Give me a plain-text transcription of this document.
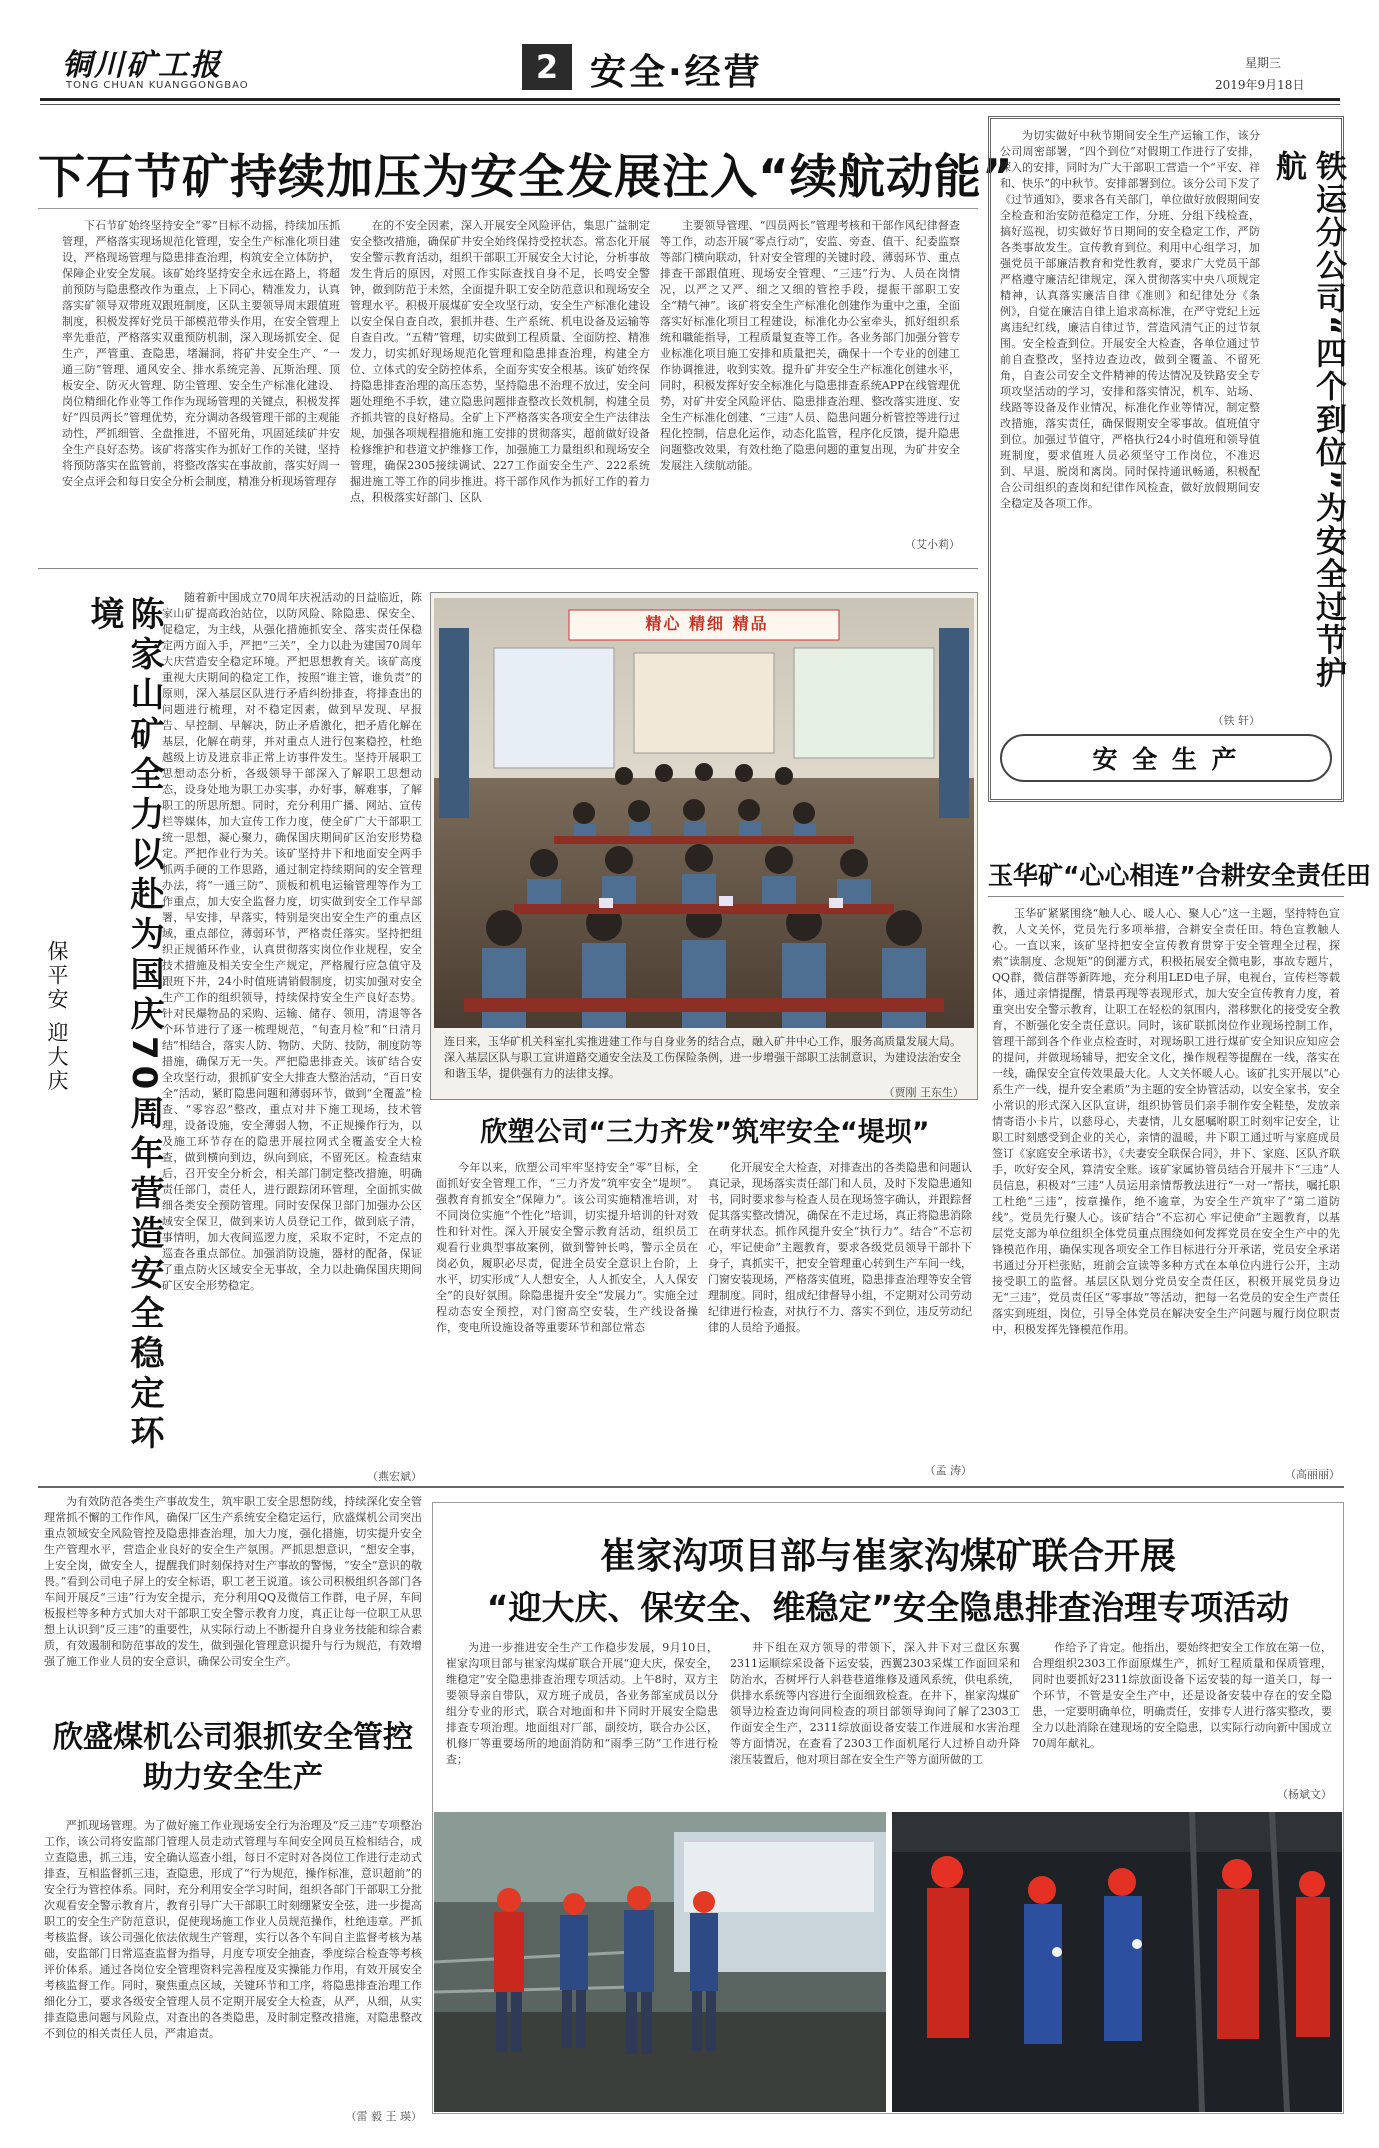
铜川矿工报
TONG CHUAN KUANGGONGBAO	2 安全·经营	星期三
2019年9月18日
下石节矿持续加压为安全发展注入“续航动能”
下石节矿始终坚持安全“零”目标不动摇，持续加压抓管理，严格落实现场规范化管理，安全生产标准化项目建设，严格现场管理与隐患排查治理，构筑安全立体防护，保障企业安全发展。该矿始终坚持安全永远在路上，将超前预防与隐患整改作为重点，上下同心，精准发力，认真落实矿领导双带班双跟班制度，区队主要领导周末跟值班制度，积极发挥好党员干部模范带头作用，在安全管理上率先垂范，严格落实双重预防机制，深入现场抓安全、促生产，严管重、查隐患，堵漏洞，将矿井安全生产、“一通三防”管理、通风安全、排水系统完善、瓦斯治理、顶板安全、防灭火管理、防尘管理、安全生产标准化建设、岗位精细化作业等工作作为现场管理的关键点，积极发挥好“四员两长”管理优势，充分调动各级管理干部的主观能动性，严抓细管、全盘推进，不留死角，巩固延续矿井安全生产良好态势。该矿将落实作为抓好工作的关键，坚持将预防落实在监管前，将整改落实在事故前，落实好周一安全点评会和每日安全分析会制度，精准分析现场管理存
在的不安全因素，深入开展安全风险评估，集思广益制定安全整改措施，确保矿井安全始终保持受控状态。常态化开展安全警示教育活动，组织干部职工开展安全大讨论，分析事故发生背后的原因，对照工作实际查找自身不足，长鸣安全警钟，做到防范于未然，全面提升职工安全防范意识和现场安全管理水平。积极开展煤矿安全攻坚行动，安全生产标准化建设以安全保自查自改，狠抓井巷、生产系统、机电设备及运输等自查自改。“五精”管理，切实做到工程质量、全面防控、精准发力，切实抓好现场规范化管理和隐患排查治理，构建全方位、立体式的安全防控体系，全面夯实安全根基。该矿始终保持隐患排查治理的高压态势，坚持隐患不治理不放过，安全问题处理绝不手软，建立隐患问题排查整改长效机制，构建全员齐抓共管的良好格局。全矿上下严格落实各项安全生产法律法规，加强各项规程措施和施工安排的贯彻落实，超前做好设备检修维护和巷道文护维修工作，加强施工力量组织和现场安全管理，确保2305接续调试、227工作面安全生产、222系统掘进施工等工作的同步推进。将干部作风作为抓好工作的着力点，积极落实好部门、区队
主要领导管理、“四员两长”管理考核和干部作风纪律督查等工作，动态开展“零点行动”，安监、旁查、值干、纪委监察等部门横向联动，针对安全管理的关键时段、薄弱环节、重点排查干部跟值班、现场安全管理、“三违”行为、人员在岗情况，以严之又严、细之又细的管控手段，提振干部职工安全“精气神”。该矿将安全生产标准化创建作为重中之重，全面落实好标准化项目工程建设，标准化办公室牵头，抓好组织系统和職能指导，工程质量复查等工作。各业务部门加强分管专业标准化项目施工安排和质量把关，确保十一个专业的创建工作协调推进，收到实效。提升矿井安全生产标准化创建水平，同时，积极发挥好安全标准化与隐患排查系统APP在线管理优势，对矿井安全风险评估、隐患排查治理、整改落实进度、安全生产标准化创建、“三违”人员、隐患问题分析管控等进行过程化控制，信息化运作，动态化监管，程序化反馈，提升隐患问题整改效果，有效杜绝了隐患问题的重复出现，为矿井安全发展注入续航动能。
（艾小莉）
为切实做好中秋节期间安全生产运输工作，该分公司周密部署，“四个到位”对假期工作进行了安排，深入的安排，同时为广大干部职工营造一个“平安、祥和、快乐”的中秋节。安排部署到位。该分公司下发了《过节通知》，要求各有关部门，单位做好放假期间安全检查和治安防范稳定工作，分班、分组下线检查，搞好巡视，切实做好节日期间的安全稳定工作，严防各类事故发生。宣传教育到位。利用中心组学习，加强党员干部廉洁教育和党性教育，要求广大党员干部严格遵守廉洁纪律规定，深入贯彻落实中央八项规定精神，认真落实廉洁自律《准则》和纪律处分《条例》，自觉在廉洁自律上追求高标准，在严守党纪上远离违纪红线，廉洁自律过节，营造风清气正的过节氛围。安全检查到位。开展安全大检查，各单位通过节前自查整改，坚持边查边改，做到全覆盖、不留死角，自查公司安全文件精神的传达情况及铁路安全专项攻坚活动的学习，安排和落实情况，机车、站场、线路等设备及作业情况，标准化作业等情况，制定整改措施，落实责任，确保假期安全零事故。值班值守到位。加强过节值守，严格执行24小时值班和领导值班制度，要求值班人员必须坚守工作岗位，不准迟到、早退、脱岗和离岗。同时保持通讯畅通，积极配合公司组织的查岗和纪律作风检查，做好放假期间安全稳定及各项工作。	铁运分公司“四个到位”为安全过节护航
（铁 轩）
安 全 生 产
陈家山矿全力以赴为国庆70周年营造安全稳定环境
保平安 迎大庆
随着新中国成立70周年庆祝活动的日益临近，陈家山矿提高政治站位，以防风险、除隐患、保安全、促稳定，为主线，从强化措施抓安全、落实责任保稳定两方面入手，严把“三关”，全力以赴为建国70周年大庆营造安全稳定环境。严把思想教育关。该矿高度重视大庆期间的稳定工作，按照“谁主管，谁负责”的原则，深入基层区队进行矛盾纠纷排查，将排查出的问题进行梳理，对不稳定因素，做到早发现、早报告、早控制、早解决，防止矛盾激化，把矛盾化解在基层，化解在萌芽，并对重点人进行包案稳控，杜绝越级上访及进京非正常上访事件发生。坚持开展职工思想动态分析，各级领导干部深入了解职工思想动态，设身处地为职工办实事，办好事，解难事，了解职工的所思所想。同时，充分利用广播、网站、宣传栏等媒体，加大宣传工作力度，使全矿广大干部职工统一思想，凝心聚力，确保国庆期间矿区治安形势稳定。严把作业行为关。该矿坚持井下和地面安全两手抓两手硬的工作思路，通过制定持续期间的安全管理办法，将“一通三防”、顶板和机电运输管理等作为工作重点，加大安全监督力度，切实做到安全工作早部署，早安排，早落实，特别是突出安全生产的重点区域，重点部位，薄弱环节，严格责任落实。坚持把组织正规循环作业，认真贯彻落实岗位作业规程，安全技术措施及相关安全生产规定，严格履行应急值守及跟班下井，24小时值班请销假制度，切实加强对安全生产工作的组织领导，持续保持安全生产良好态势。针对民爆物品的采购、运输、储存、领用，清退等各个环节进行了逐一梳理规范，“旬查月检”和“日清月结”相结合，落实人防、物防、犬防、技防，制度防等措施，确保万无一失。严把隐患排查关。该矿结合安全攻坚行动，狠抓矿安全大排查大整治活动，“百日安全”活动，紧盯隐患问题和薄弱环节，做到“全覆盖”检查、“零容忍”整改，重点对井下施工现场，技术管理，设备设施，安全薄弱人物，不正规操作行为，以及施工环节存在的隐患开展拉网式全覆盖安全大检查，做到横向到边，纵向到底，不留死区。检查结束后，召开安全分析会，相关部门制定整改措施，明确责任部门，责任人，进行跟踪闭环管理，全面抓实做细各类安全预防管理。同时安保保卫部门加强办公区域安全保卫，做到来访人员登记工作，做到底子清，事情明，加大夜间巡逻力度，采取不定时，不定点的巡查各重点部位。加强消防设施，器材的配备，保证了重点防火区域安全无事故，全力以赴确保国庆期间矿区安全形势稳定。
（燕宏斌）
精心 精细 精品
连日来，玉华矿机关科室扎实推进建工作与自身业务的结合点，融入矿井中心工作，服务高质量发展大局。深入基层区队与职工宣讲道路交通安全法及工伤保险条例，进一步增强干部职工法制意识，为建设法治安全和谐玉华，提供强有力的法律支撑。
（贾刚 王东生）
欣塑公司“三力齐发”筑牢安全“堤坝”
今年以来，欣塑公司牢牢坚持安全“零”目标，全面抓好安全管理工作，“三力齐发”筑牢安全“堤坝”。强教育育抓安全“保障力”。该公司实施精准培训，对不同岗位实施“个性化”培训，切实提升培训的针对效性和针对性。深入开展安全警示教育活动，组织员工观看行业典型事故案例，做到警钟长鸣，警示全员在岗必负，履职必尽责，促进全员安全意识上台阶，上水平，切实形成“人人想安全，人人抓安全，人人保安全”的良好氛围。除隐患提升安全“发展力”。实施全过程动态安全预控，对门窗高空安装，生产线设备操作，变电所设施设备等重要环节和部位常态
化开展安全大检查，对排查出的各类隐患和问题认真记录，现场落实责任部门和人员，及时下发隐患通知书，同时要求参与检查人员在现场签字确认，并跟踪督促其落实整改情况，确保在不走过场，真正将隐患消除在萌芽状态。抓作风提升安全“执行力”。结合“不忘初心，牢记使命”主题教育，要求各级党员领导干部扑下身子，真抓实干，把安全管理重心转到生产车间一线，门窗安装现场，严格落实值班，隐患排查治理等安全管理制度。同时，组成纪律督导小组，不定期对公司劳动纪律进行检查，对执行不力、落实不到位，违反劳动纪律的人员给予通报。
（孟 涛）
玉华矿“心心相连”合耕安全责任田
玉华矿紧紧围绕“触人心、暖人心、聚人心”这一主题，坚持特色宣教，人文关怀，党员先行多项举措，合耕安全责任田。特色宣教触人心。一直以来，该矿坚持把安全宣传教育贯穿于安全管理全过程，探索“读制度、念规矩”的倒灌方式，积极拓展安全微电影，事故专题片，QQ群，微信群等新阵地，充分利用LED电子屏，电视台，宣传栏等载体，通过亲情提醒，情景再现等表现形式，加大安全宣传教育力度，着重突出安全警示教育，让职工在轻松的氛围内，潜移默化的接受安全教育，不断强化安全责任意识。同时，该矿联抓岗位作业现场控制工作，管理干部到各个作业点检查时，对现场职工进行煤矿安全知识应知应会的提问，并做现场辅导，把安全文化，操作规程等提醒在一线，落实在一线，确保安全宣传效果最大化。人文关怀暖人心。该矿扎实开展以“心系生产一线，提升安全素质”为主题的安全协管活动，以安全家书，安全小常识的形式深入区队宣讲，组织协管员们亲手制作安全鞋垫，发放亲情寄语小卡片，以慈母心，夫妻情，儿女愿嘱咐职工时刻牢记安全，让职工时刻感受到企业的关心，亲情的温暖，井下职工通过听与家庭成员签订《家庭安全承诺书》，《夫妻安全联保合同》，井下、家庭、区队齐联手，吹好安全风，算清安全账。该矿家属协管员结合开展井下“三违”人员信息，积极对“三违”人员运用亲情帮教法进行“一对一”帮扶，嘱托职工杜绝“三违”，按章操作，绝不逾章，为安全生产筑牢了“第二道防线”。党员先行聚人心。该矿结合“不忘初心 牢记使命”主题教育，以基层党支部为单位组织全体党员重点围绕如何发挥党员在安全生产中的先锋模范作用，确保实现各项安全工作目标进行分开承诺，党员安全承诺书通过分开栏张贴，班前会宣读等多种方式在本单位内进行公开，主动接受职工的监督。基层区队划分党员安全责任区，积极开展党员身边无“三违”，党员责任区“零事故”等活动，把每一名党员的安全生产责任落实到班组，岗位，引导全体党员在解决安全生产问题与履行岗位职责中，积极发挥先锋模范作用。
（高丽丽）
为有效防范各类生产事故发生，筑牢职工安全思想防线，持续深化安全管理常抓不懈的工作作风，确保厂区生产系统安全稳定运行，欣盛煤机公司突出重点领域安全风险管控及隐患排查治理，加大力度，强化措施，切实提升安全生产管理水平，营造企业良好的安全生产氛围。严抓思想意识，“想安全事，上安全岗，做安全人，提醒我们时刻保持对生产事故的警惕，“安全”意识的敬畏。”看到公司电子屏上的安全标语，职工老王说道。该公司积极组织各部门各车间开展反“三违”行为安全提示，充分利用QQ及微信工作群，电子屏，车间板报栏等多种方式加大对干部职工安全警示教育力度，真正让每一位职工从思想上认识到“反三违”的重要性，从实际行动上不断提升自身业务技能和综合素质，有效遏制和防范事故的发生，做到强化管理意识提升与行为规范，有效增强了施工作业人员的安全意识，确保公司安全生产。
欣盛煤机公司狠抓安全管控助力安全生产
严抓现场管理。为了做好施工作业现场安全行为治理及“反三违”专项整治工作，该公司将安监部门管理人员走动式管理与车间安全网员互检相结合，成立查隐患，抓三违，安全确认巡查小组，每日不定时对各岗位工作进行走动式排查，互相监督抓三违，查隐患，形成了“行为规范，操作标准，意识超前”的安全行为管控体系。同时，充分利用安全学习时间，组织各部门干部职工分批次观看安全警示教育片，教育引导广大干部职工时刻绷紧安全弦，进一步提高职工的安全生产防范意识，促使现场施工作业人员规范操作，杜绝违章。严抓考核监督。该公司强化依法依规生产管理，实行以各个车间自主监督考核为基础，安监部门日常巡查监督为指导，月度专项安全抽查，季度综合检查等考核评价体系。通过各岗位安全管理资料完善程度及实操能力作用，有效开展安全考核监督工作。同时，聚焦重点区域，关键环节和工序，将隐患排查治理工作细化分工，要求各级安全管理人员不定期开展安全大检查，从严，从细，从实排查隐患问题与风险点，对查出的各类隐患，及时制定整改措施，对隐患整改不到位的相关责任人员，严肃追责。
（雷 毅 王 瑛）
崔家沟项目部与崔家沟煤矿联合开展
“迎大庆、保安全、维稳定”安全隐患排查治理专项活动
为进一步推进安全生产工作稳步发展，9月10日，崔家沟项目部与崔家沟煤矿联合开展“迎大庆，保安全，维稳定”安全隐患排查治理专项活动。上午8时，双方主要领导亲自带队，双方班子成员，各业务部室成员以分组分专业的形式，联合对地面和井下同时开展安全隐患排查专项治理。地面组对厂部，副绞坊，联合办公区，机修厂等重要场所的地面消防和“雨季三防”工作进行检查；
井下组在双方领导的带领下，深入井下对三盘区东翼2311运顺综采设备下运安装，西翼2303采煤工作面回采和防治水，否树坪行人斜巷巷道维修及通风系统，供电系统，供排水系统等内容进行全面细致检查。在井下，崔家沟煤矿领导边检查边询问同检查的项目部领导询问了解了2303工作面安全生产，2311综放面设备安装工作进展和水害治理等方面情况，在查看了2303工作面机尾行人过桥自动升降滚压装置后，他对项目部在安全生产等方面所做的工
作给予了肯定。他指出，要始终把安全工作放在第一位，合理组织2303工作面原煤生产，抓好工程质量和保质管理，同时也要抓好2311综放面设备下运安装的每一道关口，每一个环节，不管是安全生产中，还是设备安装中存在的安全隐患，一定要明确单位，明确责任，安排专人进行落实整改，要全力以赴消除在建现场的安全隐患，以实际行动向新中国成立70周年献礼。
（杨斌文）
